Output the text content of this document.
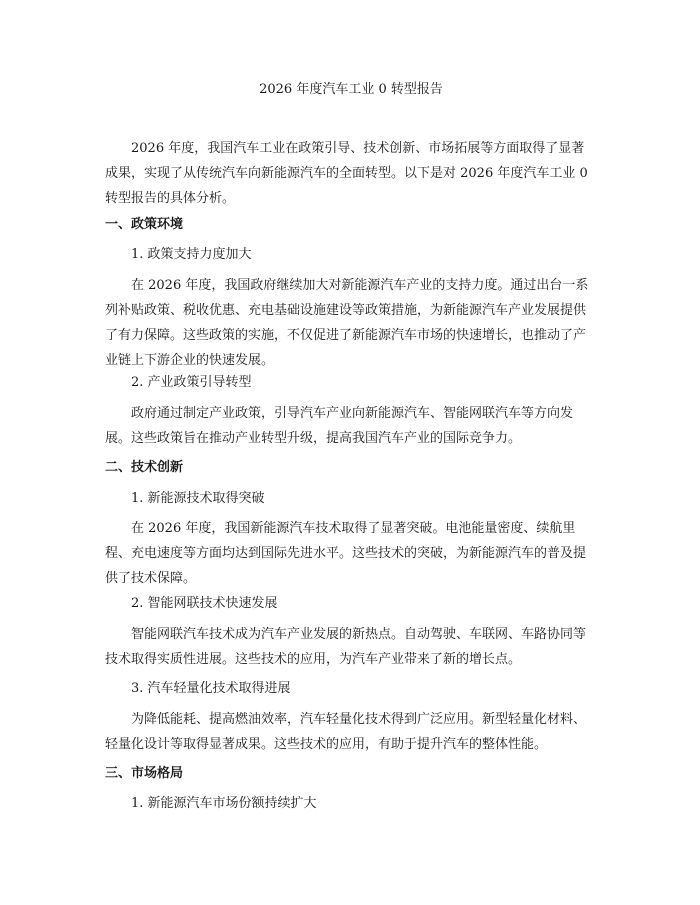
2026 年度汽车工业 0 转型报告
2026 年度，我国汽车工业在政策引导、技术创新、市场拓展等方面取得了显著成果，实现了从传统汽车向新能源汽车的全面转型。以下是对 2026 年度汽车工业 0 转型报告的具体分析。
一、政策环境
1. 政策支持力度加大
在 2026 年度，我国政府继续加大对新能源汽车产业的支持力度。通过出台一系列补贴政策、税收优惠、充电基础设施建设等政策措施，为新能源汽车产业发展提供了有力保障。这些政策的实施，不仅促进了新能源汽车市场的快速增长，也推动了产业链上下游企业的快速发展。
2. 产业政策引导转型
政府通过制定产业政策，引导汽车产业向新能源汽车、智能网联汽车等方向发展。这些政策旨在推动产业转型升级，提高我国汽车产业的国际竞争力。
二、技术创新
1. 新能源技术取得突破
在 2026 年度，我国新能源汽车技术取得了显著突破。电池能量密度、续航里程、充电速度等方面均达到国际先进水平。这些技术的突破，为新能源汽车的普及提供了技术保障。
2. 智能网联技术快速发展
智能网联汽车技术成为汽车产业发展的新热点。自动驾驶、车联网、车路协同等技术取得实质性进展。这些技术的应用，为汽车产业带来了新的增长点。
3. 汽车轻量化技术取得进展
为降低能耗、提高燃油效率，汽车轻量化技术得到广泛应用。新型轻量化材料、轻量化设计等取得显著成果。这些技术的应用，有助于提升汽车的整体性能。
三、市场格局
1. 新能源汽车市场份额持续扩大
